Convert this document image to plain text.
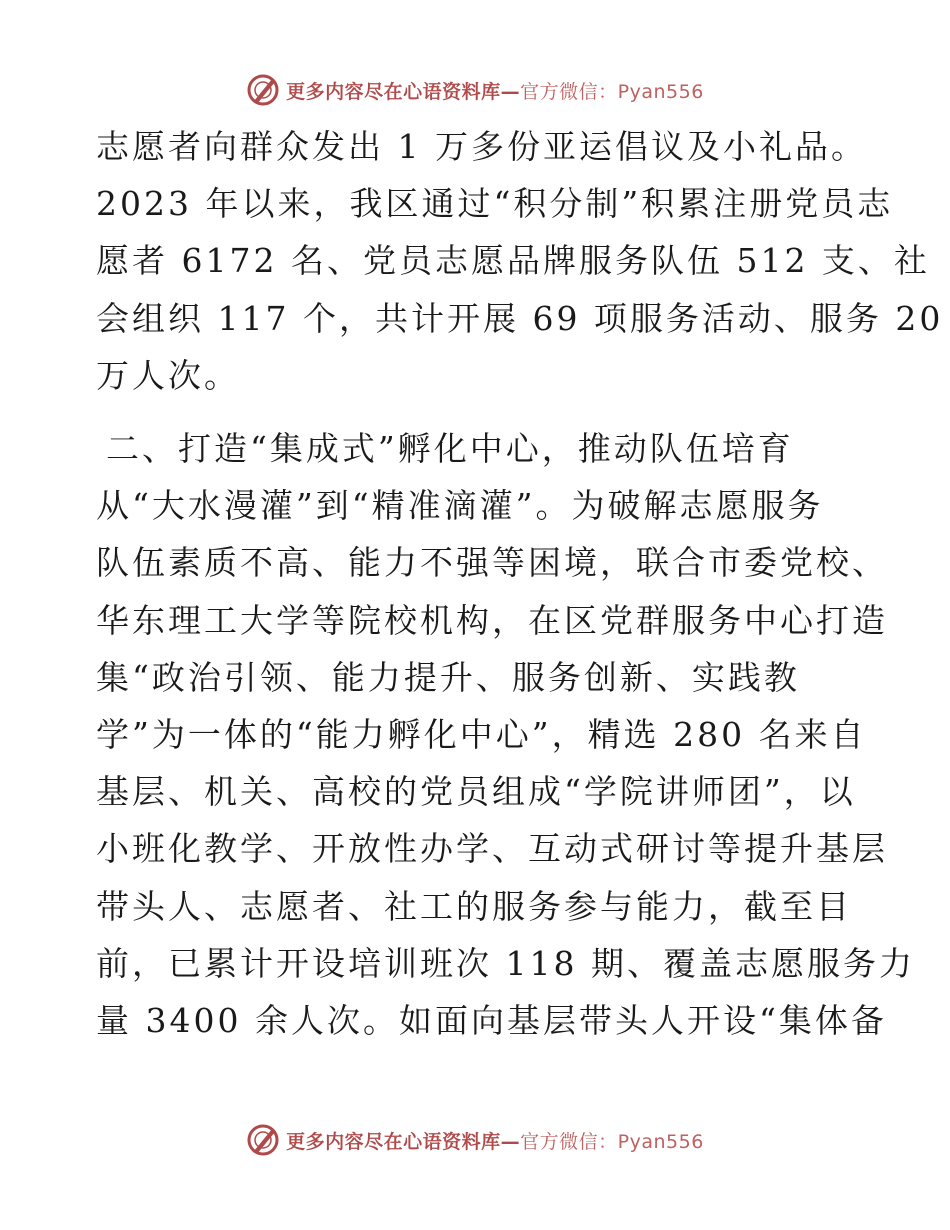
更多内容尽在心语资料库—官方微信：Pyan556
志愿者向群众发出 1 万多份亚运倡议及小礼品。
2023 年以来，我区通过“积分制”积累注册党员志
愿者 6172 名、党员志愿品牌服务队伍 512 支、社
会组织 117 个，共计开展 69 项服务活动、服务 20
万人次。
二、打造“集成式”孵化中心，推动队伍培育
从“大水漫灌”到“精准滴灌”。为破解志愿服务
队伍素质不高、能力不强等困境，联合市委党校、
华东理工大学等院校机构，在区党群服务中心打造
集“政治引领、能力提升、服务创新、实践教
学”为一体的“能力孵化中心”，精选 280 名来自
基层、机关、高校的党员组成“学院讲师团”，以
小班化教学、开放性办学、互动式研讨等提升基层
带头人、志愿者、社工的服务参与能力，截至目
前，已累计开设培训班次 118 期、覆盖志愿服务力
量 3400 余人次。如面向基层带头人开设“集体备
更多内容尽在心语资料库—官方微信：Pyan556
